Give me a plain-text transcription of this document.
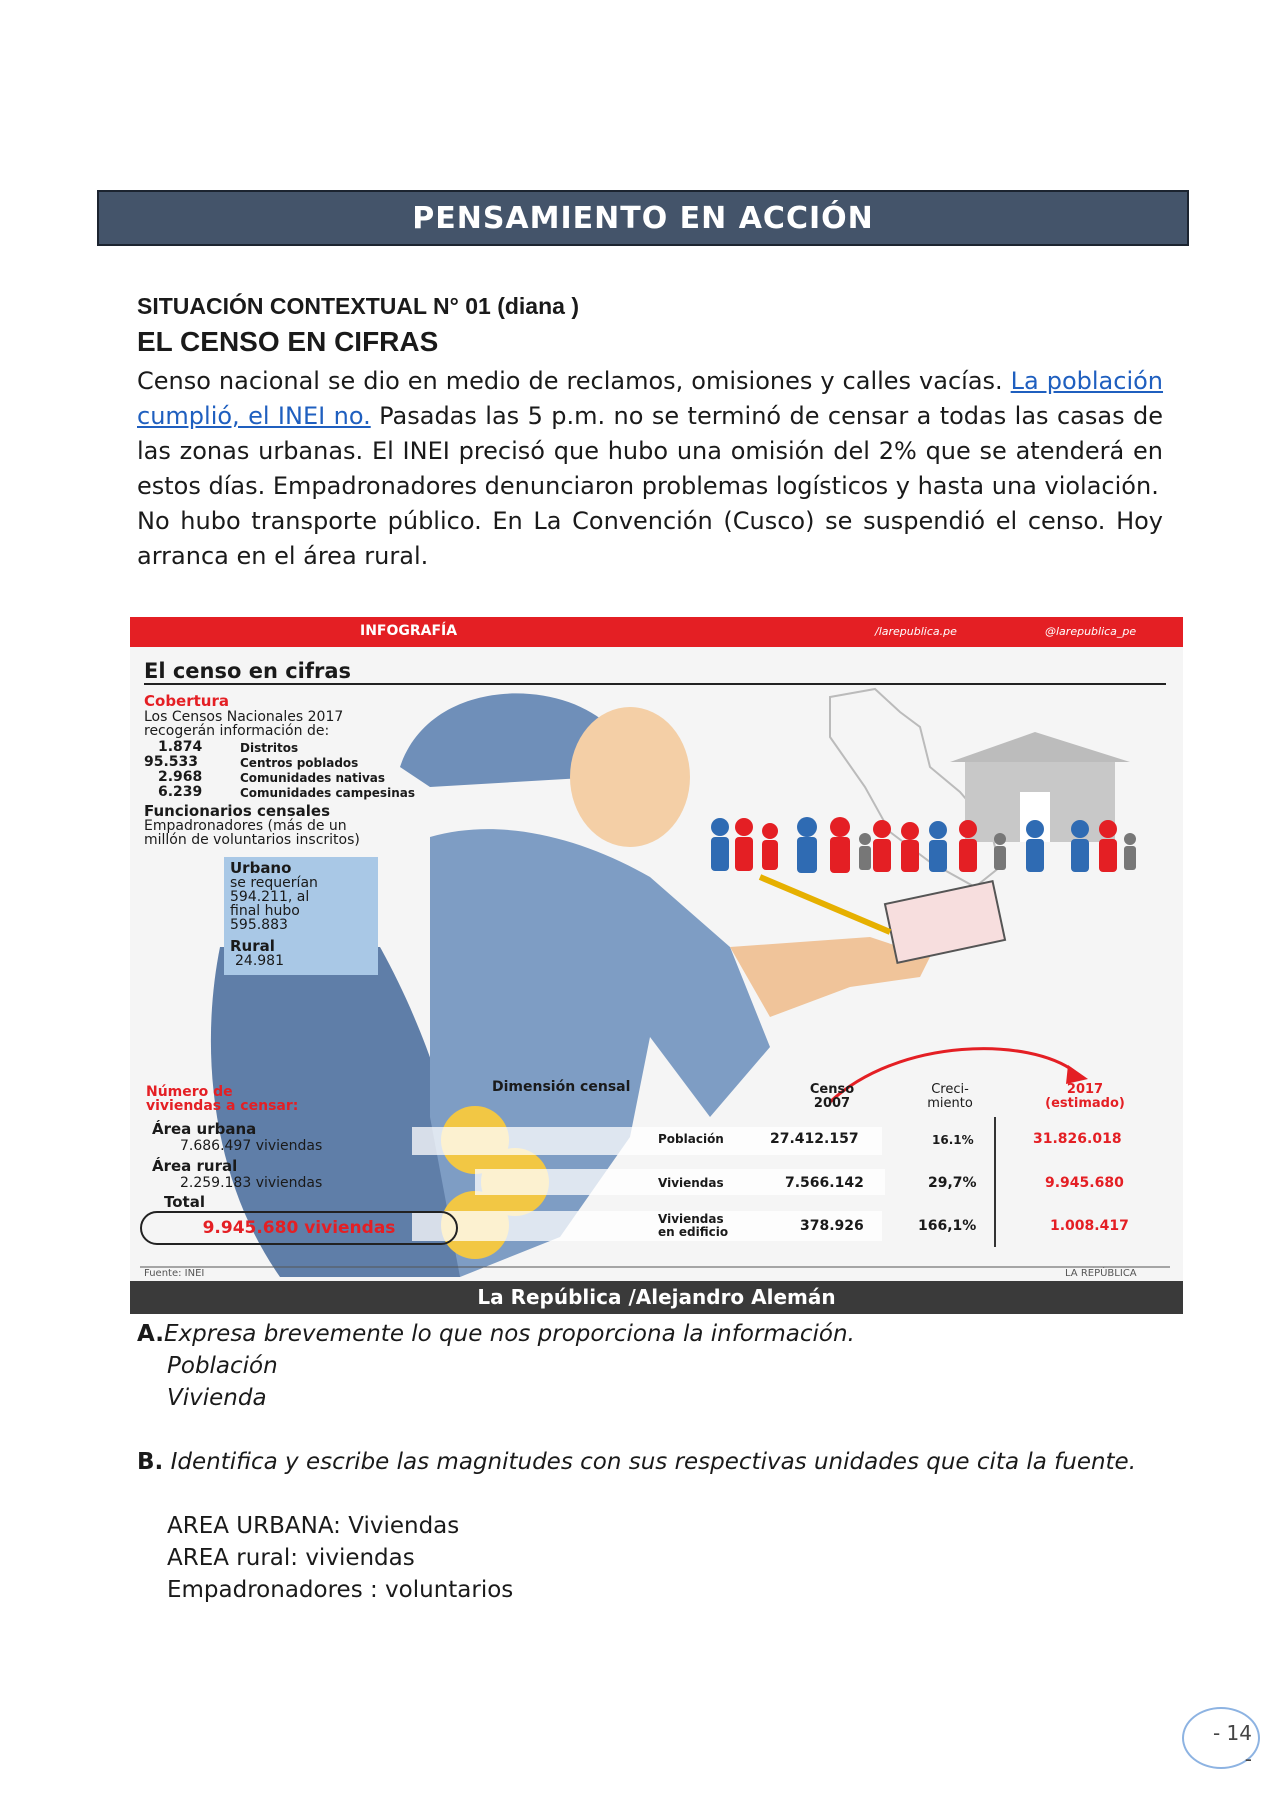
PENSAMIENTO EN ACCIÓN
SITUACIÓN CONTEXTUAL N° 01 (diana )
EL CENSO EN CIFRAS

Censo nacional se dio en medio de reclamos, omisiones y calles vacías. La población cumplió, el INEI no. Pasadas las 5 p.m. no se terminó de censar a todas las casas de las zonas urbanas. El INEI precisó que hubo una omisión del 2% que se atenderá en estos días. Empadronadores denunciaron problemas logísticos y hasta una violación.
No hubo transporte público. En La Convención (Cusco) se suspendió el censo. Hoy arranca en el área rural.

INFOGRAFÍA	/larepublica.pe	@larepublica_pe
El censo en cifras
Cobertura
Los Censos Nacionales 2017
recogerán información de:
1.874	Distritos
95.533	Centros poblados
2.968	Comunidades nativas
6.239	Comunidades campesinas
Funcionarios censales
Empadronadores (más de un
millón de voluntarios inscritos)
Urbano
se requerían
594.211, al
final hubo
595.883
Rural
24.981
Número de
viviendas a censar:
Área urbana
7.686.497 viviendas
Área rural
2.259.183 viviendas
Total
9.945.680 viviendas
Dimensión censal	Censo
2007
Creci-
miento
2017
(estimado)
Población	27.412.157	16.1%	31.826.018
Viviendas	7.566.142	29,7%	9.945.680
Viviendas en edificio	378.926	166,1%	1.008.417
Fuente: INEI	LA REPÚBLICA
La República /Alejandro Alemán
A.Expresa brevemente lo que nos proporciona la información.
Población
Vivienda
B. Identifica y escribe las magnitudes con sus respectivas unidades que cita la fuente.
AREA URBANA: Viviendas
AREA rural: viviendas
Empadronadores : voluntarios
- 14 -
